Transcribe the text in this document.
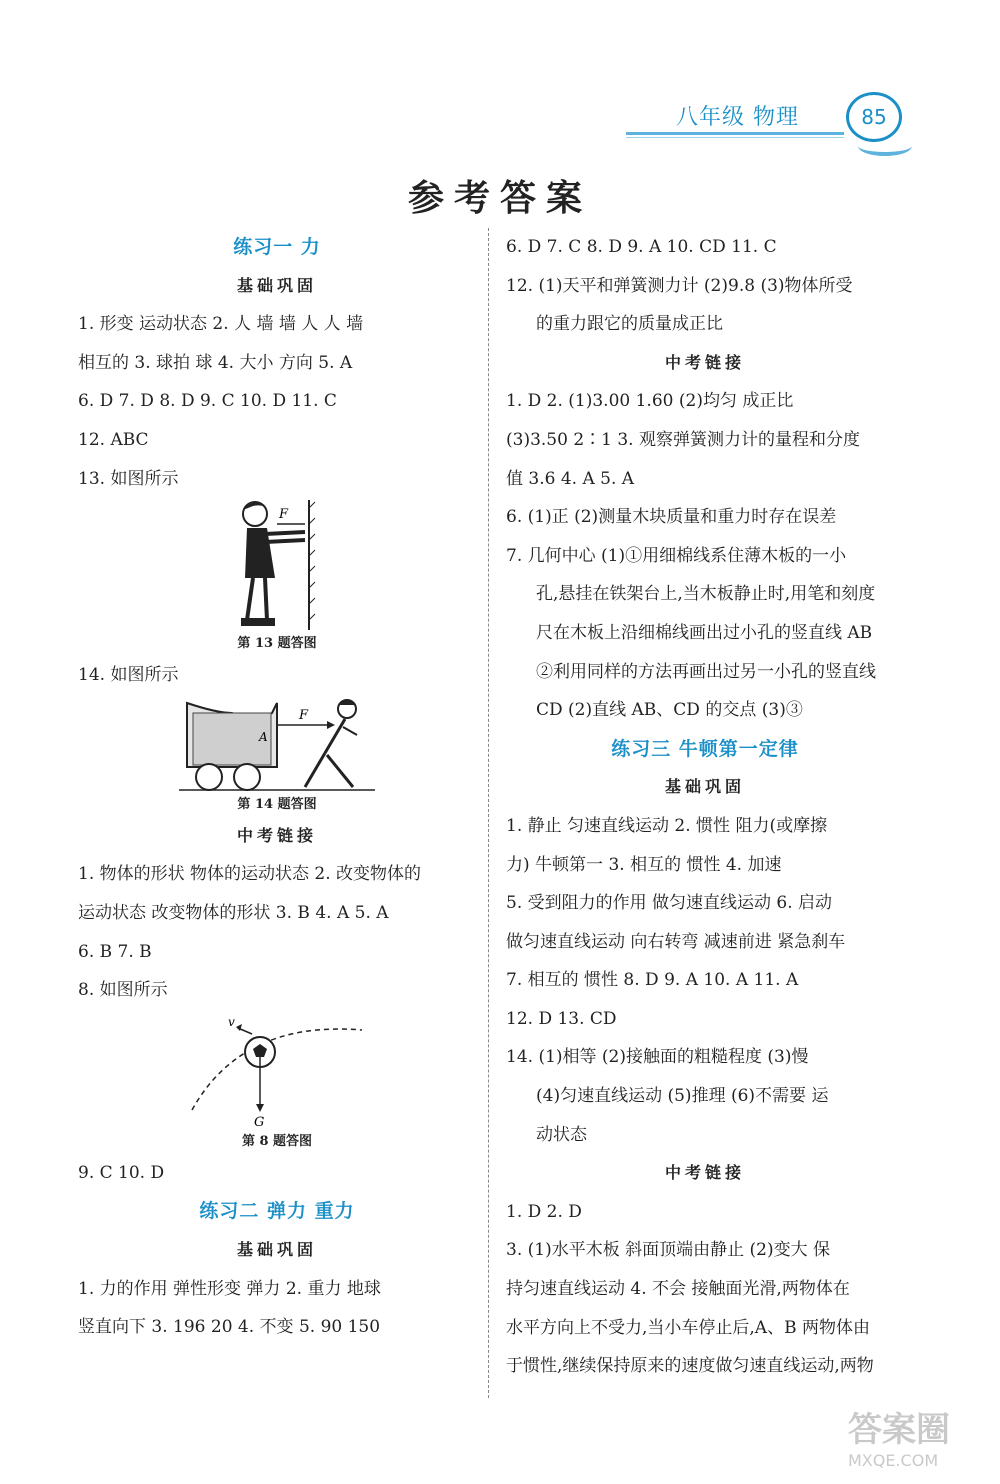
八年级 物理	85
参考答案
练习一 力
基础巩固
1. 形变 运动状态 2. 人 墙 墙 人 人 墙
相互的 3. 球拍 球 4. 大小 方向 5. A
6. D 7. D 8. D 9. C 10. D 11. C
12. ABC
13. 如图所示
F
第 13 题答图
14. 如图所示
A
F
第 14 题答图
中考链接
1. 物体的形状 物体的运动状态 2. 改变物体的
运动状态 改变物体的形状 3. B 4. A 5. A
6. B 7. B
8. 如图所示
v
G
第 8 题答图
9. C 10. D
练习二 弹力 重力
基础巩固
1. 力的作用 弹性形变 弹力 2. 重力 地球
竖直向下 3. 196 20 4. 不变 5. 90 150
6. D 7. C 8. D 9. A 10. CD 11. C
12. (1)天平和弹簧测力计 (2)9.8 (3)物体所受
的重力跟它的质量成正比
中考链接
1. D 2. (1)3.00 1.60 (2)均匀 成正比
(3)3.50 2∶1 3. 观察弹簧测力计的量程和分度
值 3.6 4. A 5. A
6. (1)正 (2)测量木块质量和重力时存在误差
7. 几何中心 (1)①用细棉线系住薄木板的一小
孔,悬挂在铁架台上,当木板静止时,用笔和刻度
尺在木板上沿细棉线画出过小孔的竖直线 AB
②利用同样的方法再画出过另一小孔的竖直线
CD (2)直线 AB、CD 的交点 (3)③
练习三 牛顿第一定律
基础巩固
1. 静止 匀速直线运动 2. 惯性 阻力(或摩擦
力) 牛顿第一 3. 相互的 惯性 4. 加速
5. 受到阻力的作用 做匀速直线运动 6. 启动
做匀速直线运动 向右转弯 减速前进 紧急刹车
7. 相互的 惯性 8. D 9. A 10. A 11. A
12. D 13. CD
14. (1)相等 (2)接触面的粗糙程度 (3)慢
(4)匀速直线运动 (5)推理 (6)不需要 运
动状态
中考链接
1. D 2. D
3. (1)水平木板 斜面顶端由静止 (2)变大 保
持匀速直线运动 4. 不会 接触面光滑,两物体在
水平方向上不受力,当小车停止后,A、B 两物体由
于惯性,继续保持原来的速度做匀速直线运动,两物
答案圈
MXQE.COM
